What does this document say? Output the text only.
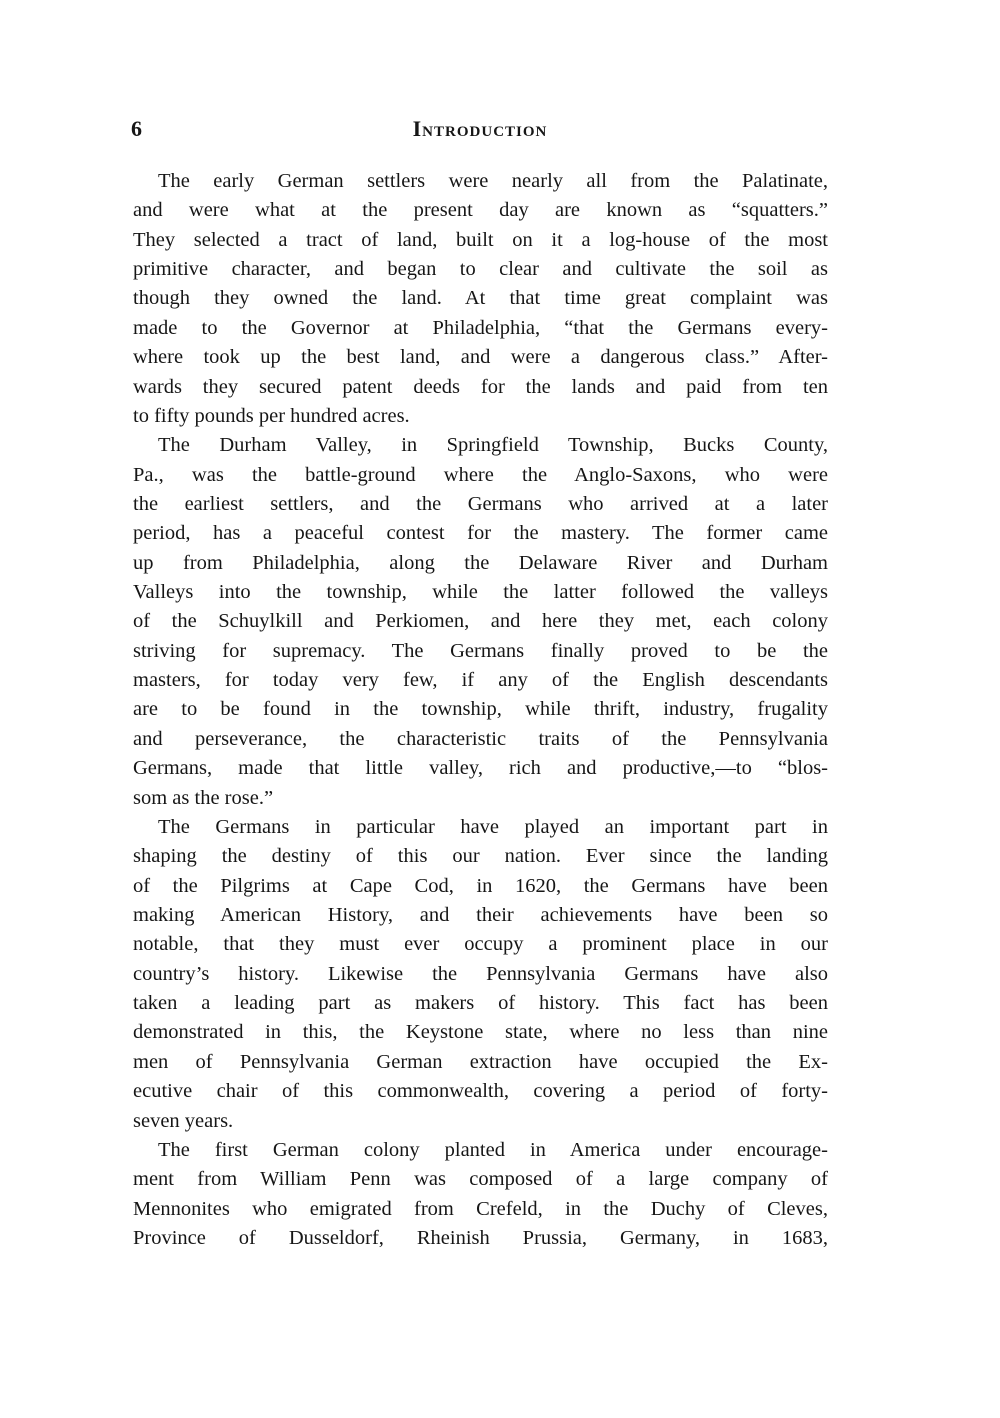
6	Introduction
The early German settlers were nearly all from the Palatinate,
and were what at the present day are known as “squatters.”
They selected a tract of land, built on it a log-house of the most
primitive character, and began to clear and cultivate the soil as
though they owned the land. At that time great complaint was
made to the Governor at Philadelphia, “that the Germans every-
where took up the best land, and were a dangerous class.” After-
wards they secured patent deeds for the lands and paid from ten
to fifty pounds per hundred acres.
The Durham Valley, in Springfield Township, Bucks County,
Pa., was the battle-ground where the Anglo-Saxons, who were
the earliest settlers, and the Germans who arrived at a later
period, has a peaceful contest for the mastery. The former came
up from Philadelphia, along the Delaware River and Durham
Valleys into the township, while the latter followed the valleys
of the Schuylkill and Perkiomen, and here they met, each colony
striving for supremacy. The Germans finally proved to be the
masters, for today very few, if any of the English descendants
are to be found in the township, while thrift, industry, frugality
and perseverance, the characteristic traits of the Pennsylvania
Germans, made that little valley, rich and productive,—to “blos-
som as the rose.”
The Germans in particular have played an important part in
shaping the destiny of this our nation. Ever since the landing
of the Pilgrims at Cape Cod, in 1620, the Germans have been
making American History, and their achievements have been so
notable, that they must ever occupy a prominent place in our
country’s history. Likewise the Pennsylvania Germans have also
taken a leading part as makers of history. This fact has been
demonstrated in this, the Keystone state, where no less than nine
men of Pennsylvania German extraction have occupied the Ex-
ecutive chair of this commonwealth, covering a period of forty-
seven years.
The first German colony planted in America under encourage-
ment from William Penn was composed of a large company of
Mennonites who emigrated from Crefeld, in the Duchy of Cleves,
Province of Dusseldorf, Rheinish Prussia, Germany, in 1683,
